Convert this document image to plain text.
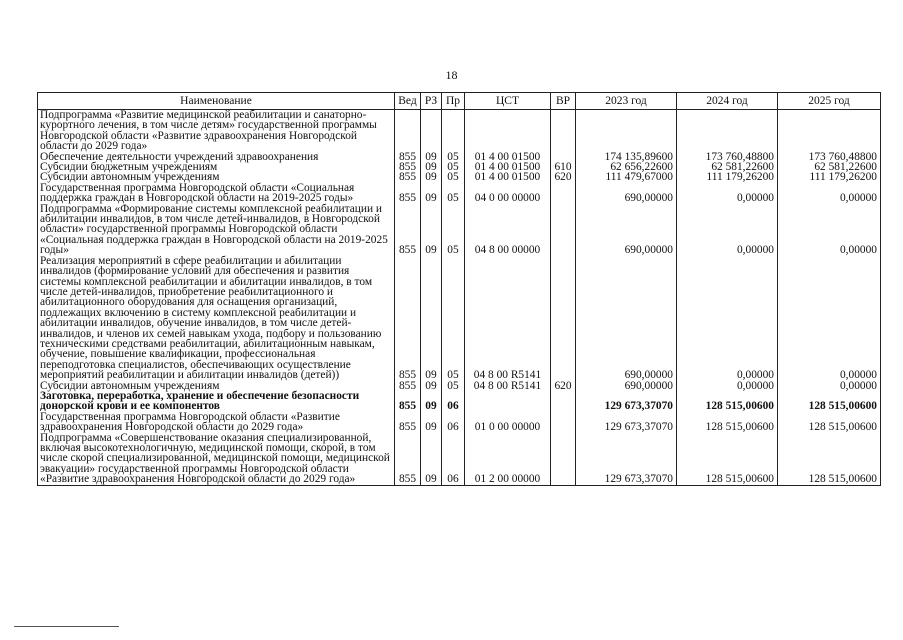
18
Наименование	Вед	РЗ	Пр	ЦСТ	ВР	2023 год	2024 год	2025 год
Подпрограмма «Развитие медицинской реабилитации и санаторно-курортного лечения, в том числе детям» государственной программы Новгородской области «Развитие здравоохранения Новгородской области до 2029 года»								
Обеспечение деятельности учреждений здравоохранения	855	09	05	01 4 00 01500		174 135,89600	173 760,48800	173 760,48800
Субсидии бюджетным учреждениям	855	09	05	01 4 00 01500	610	62 656,22600	62 581,22600	62 581,22600
Субсидии автономным учреждениям	855	09	05	01 4 00 01500	620	111 479,67000	111 179,26200	111 179,26200
Государственная программа Новгородской области «Социальная поддержка граждан в Новгородской области на 2019-2025 годы»	855	09	05	04 0 00 00000		690,00000	0,00000	0,00000
Подпрограмма «Формирование системы комплексной реабилитации и абилитации инвалидов, в том числе детей-инвалидов, в Новгородской области» государственной программы Новгородской области «Социальная поддержка граждан в Новгородской области на 2019-2025 годы»	855	09	05	04 8 00 00000		690,00000	0,00000	0,00000
Реализация мероприятий в сфере реабилитации и абилитации инвалидов (формирование условий для обеспечения и развития системы комплексной реабилитации и абилитации инвалидов, в том числе детей-инвалидов, приобретение реабилитационного и абилитационного оборудования для оснащения организаций, подлежащих включению в систему комплексной реабилитации и абилитации инвалидов, обучение инвалидов, в том числе детей-инвалидов, и членов их семей навыкам ухода, подбору и пользованию техническими средствами реабилитации, абилитационным навыкам, обучение, повышение квалификации, профессиональная переподготовка специалистов, обеспечивающих осуществление мероприятий реабилитации и абилитации инвалидов (детей))	855	09	05	04 8 00 R5141		690,00000	0,00000	0,00000
Субсидии автономным учреждениям	855	09	05	04 8 00 R5141	620	690,00000	0,00000	0,00000
Заготовка, переработка, хранение и обеспечение безопасности донорской крови и ее компонентов	855	09	06			129 673,37070	128 515,00600	128 515,00600
Государственная программа Новгородской области «Развитие здравоохранения Новгородской области до 2029 года»	855	09	06	01 0 00 00000		129 673,37070	128 515,00600	128 515,00600
Подпрограмма «Совершенствование оказания специализированной, включая высокотехнологичную, медицинской помощи, скорой, в том числе скорой специализированной, медицинской помощи, медицинской эвакуации» государственной программы Новгородской области «Развитие здравоохранения Новгородской области до 2029 года»	855	09	06	01 2 00 00000		129 673,37070	128 515,00600	128 515,00600
